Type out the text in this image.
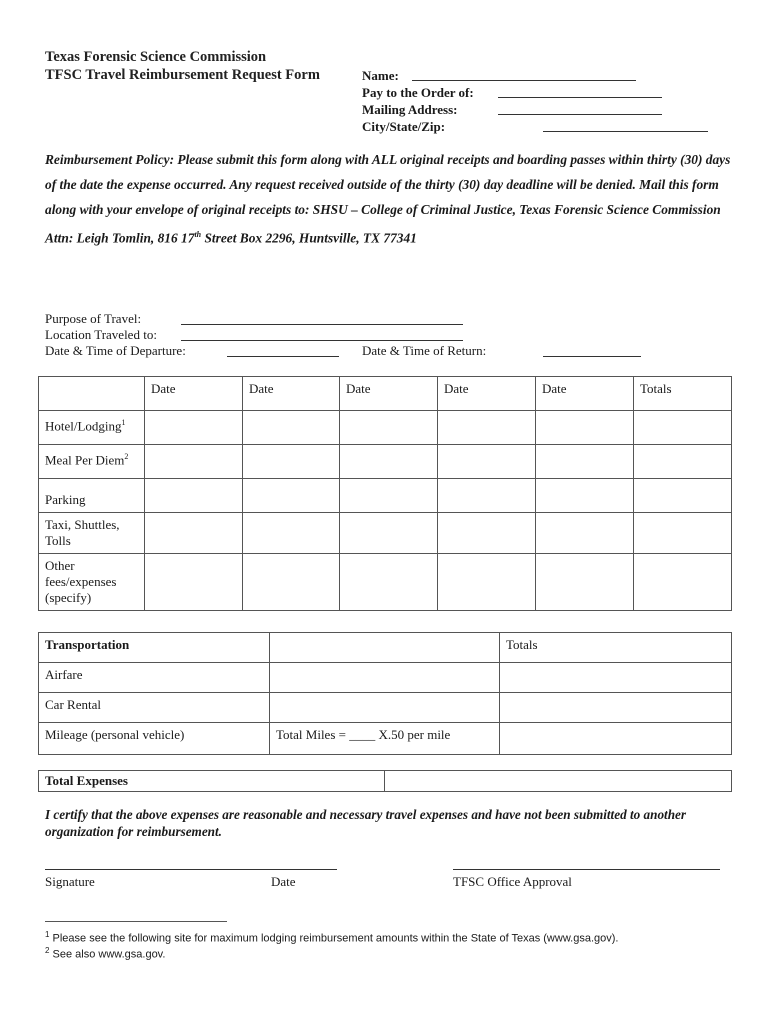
Texas Forensic Science Commission
TFSC Travel Reimbursement Request Form	Name:
Pay to the Order of:
Mailing Address:
City/State/Zip:
Reimbursement Policy: Please submit this form along with ALL original receipts and boarding passes within thirty (30) days of the date the expense occurred. Any request received outside of the thirty (30) day deadline will be denied. Mail this form along with your envelope of original receipts to: SHSU – College of Criminal Justice, Texas Forensic Science Commission Attn: Leigh Tomlin, 816 17th Street Box 2296, Huntsville, TX 77341
Purpose of Travel:
Location Traveled to:
Date & Time of Departure:	Date & Time of Return:
	Date	Date	Date	Date	Date	Totals
Hotel/Lodging$^1$						
Meal Per Diem$^2$						
Parking						
Taxi, Shuttles, Tolls						
Other fees/expenses (specify)						
Transportation		Totals
Airfare		
Car Rental		
Mileage (personal vehicle)	Total Miles = ____ X.50 per mile	
Total Expenses	
I certify that the above expenses are reasonable and necessary travel expenses and have not been submitted to another organization for reimbursement.
Signature	Date	TFSC Office Approval
$^1$ Please see the following site for maximum lodging reimbursement amounts within the State of Texas (www.gsa.gov).
$^2$ See also www.gsa.gov.
